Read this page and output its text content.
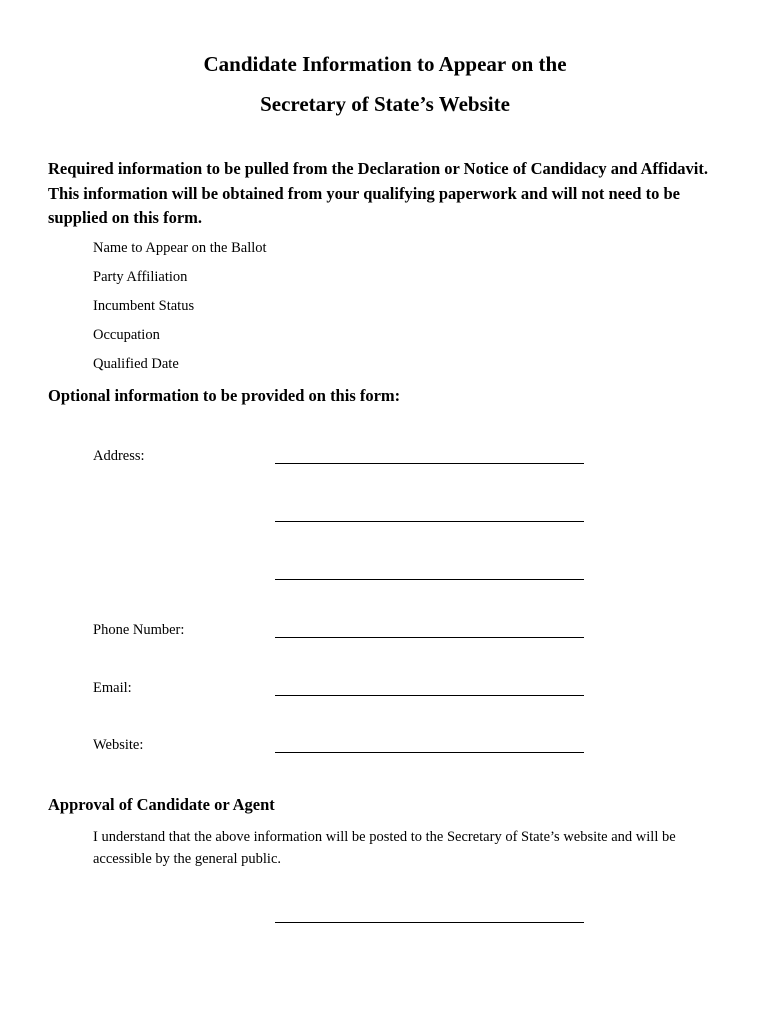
Candidate Information to Appear on the
Secretary of State’s Website
Required information to be pulled from the Declaration or Notice of Candidacy and Affidavit. This information will be obtained from your qualifying paperwork and will not need to be supplied on this form.
Name to Appear on the Ballot
Party Affiliation
Incumbent Status
Occupation
Qualified Date
Optional information to be provided on this form:
Address:
Phone Number:
Email:
Website:
Approval of Candidate or Agent
I understand that the above information will be posted to the Secretary of State’s website and will be accessible by the general public.
